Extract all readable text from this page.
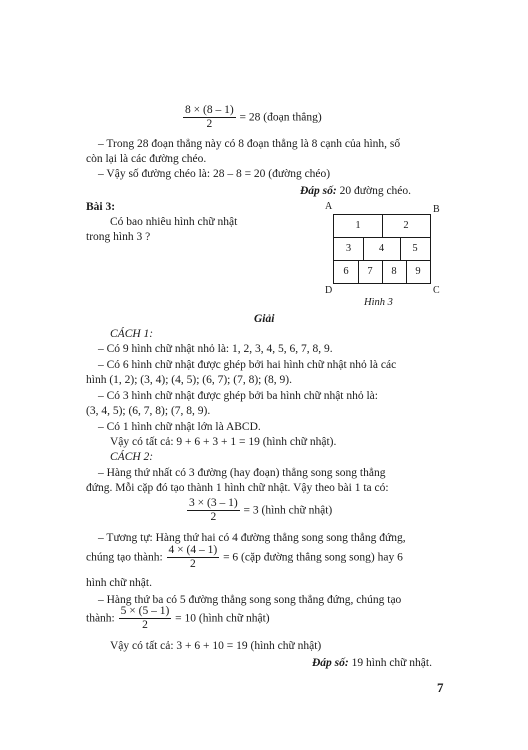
$\frac{8 \times (8 - 1)}{2} = 28$ (đoạn thẳng)
– Trong 28 đoạn thẳng này có 8 đoạn thẳng là 8 cạnh của hình, số
còn lại là các đường chéo.
– Vậy số đường chéo là: 28 – 8 = 20 (đường chéo)
Đáp số: 20 đường chéo.
Bài 3:
Có bao nhiêu hình chữ nhật
trong hình 3 ?
A	B
D	C
1	2
3	4	5
6	7	8	9
Hình 3
Giải
CÁCH 1:
– Có 9 hình chữ nhật nhỏ là: 1, 2, 3, 4, 5, 6, 7, 8, 9.
– Có 6 hình chữ nhật được ghép bởi hai hình chữ nhật nhỏ là các
hình (1, 2); (3, 4); (4, 5); (6, 7); (7, 8); (8, 9).
– Có 3 hình chữ nhật được ghép bởi ba hình chữ nhật nhỏ là:
(3, 4, 5); (6, 7, 8); (7, 8, 9).
– Có 1 hình chữ nhật lớn là ABCD.
Vậy có tất cả: 9 + 6 + 3 + 1 = 19 (hình chữ nhật).
CÁCH 2:
– Hàng thứ nhất có 3 đường (hay đoạn) thẳng song song thẳng
đứng. Mỗi cặp đó tạo thành 1 hình chữ nhật. Vậy theo bài 1 ta có:
$\frac{3 \times (3 - 1)}{2} = 3$ (hình chữ nhật)
– Tương tự: Hàng thứ hai có 4 đường thẳng song song thẳng đứng,
chúng tạo thành: $\frac{4 \times (4 - 1)}{2} = 6$ (cặp đường thẳng song song) hay 6
hình chữ nhật.
– Hàng thứ ba có 5 đường thẳng song song thẳng đứng, chúng tạo
thành: $\frac{5 \times (5 - 1)}{2} = 10$ (hình chữ nhật)
Vậy có tất cả: 3 + 6 + 10 = 19 (hình chữ nhật)
Đáp số: 19 hình chữ nhật.
7
